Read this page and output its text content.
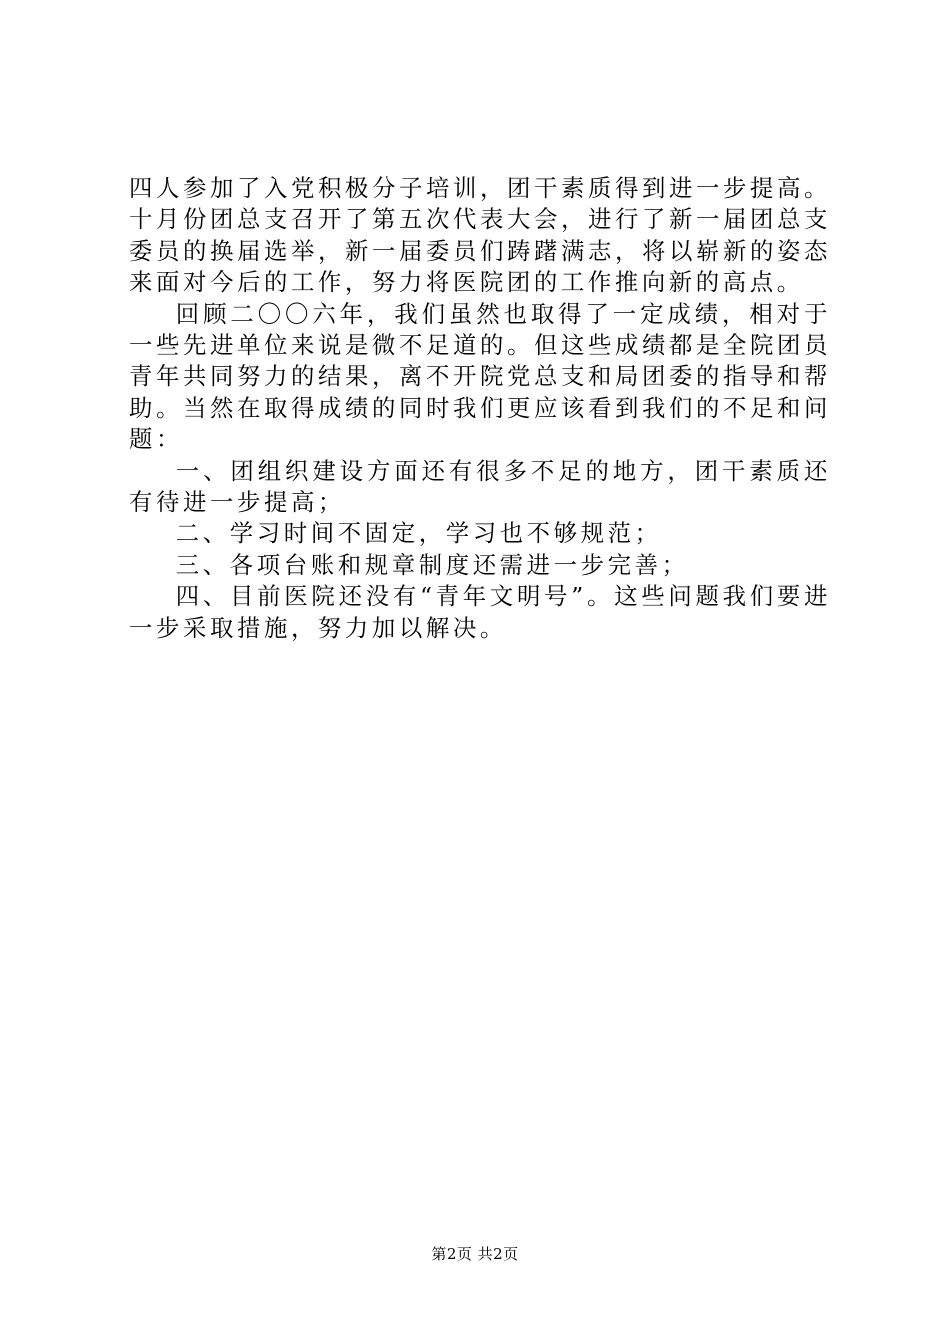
四人参加了入党积极分子培训，团干素质得到进一步提高。十月份团总支召开了第五次代表大会，进行了新一届团总支委员的换届选举，新一届委员们踌躇满志，将以崭新的姿态来面对今后的工作，努力将医院团的工作推向新的高点。

回顾二〇〇六年，我们虽然也取得了一定成绩，相对于一些先进单位来说是微不足道的。但这些成绩都是全院团员青年共同努力的结果，离不开院党总支和局团委的指导和帮助。当然在取得成绩的同时我们更应该看到我们的不足和问题：

一、团组织建设方面还有很多不足的地方，团干素质还有待进一步提高；

二、学习时间不固定，学习也不够规范；

三、各项台账和规章制度还需进一步完善；

四、目前医院还没有“青年文明号”。这些问题我们要进一步采取措施，努力加以解决。

第2页 共2页
